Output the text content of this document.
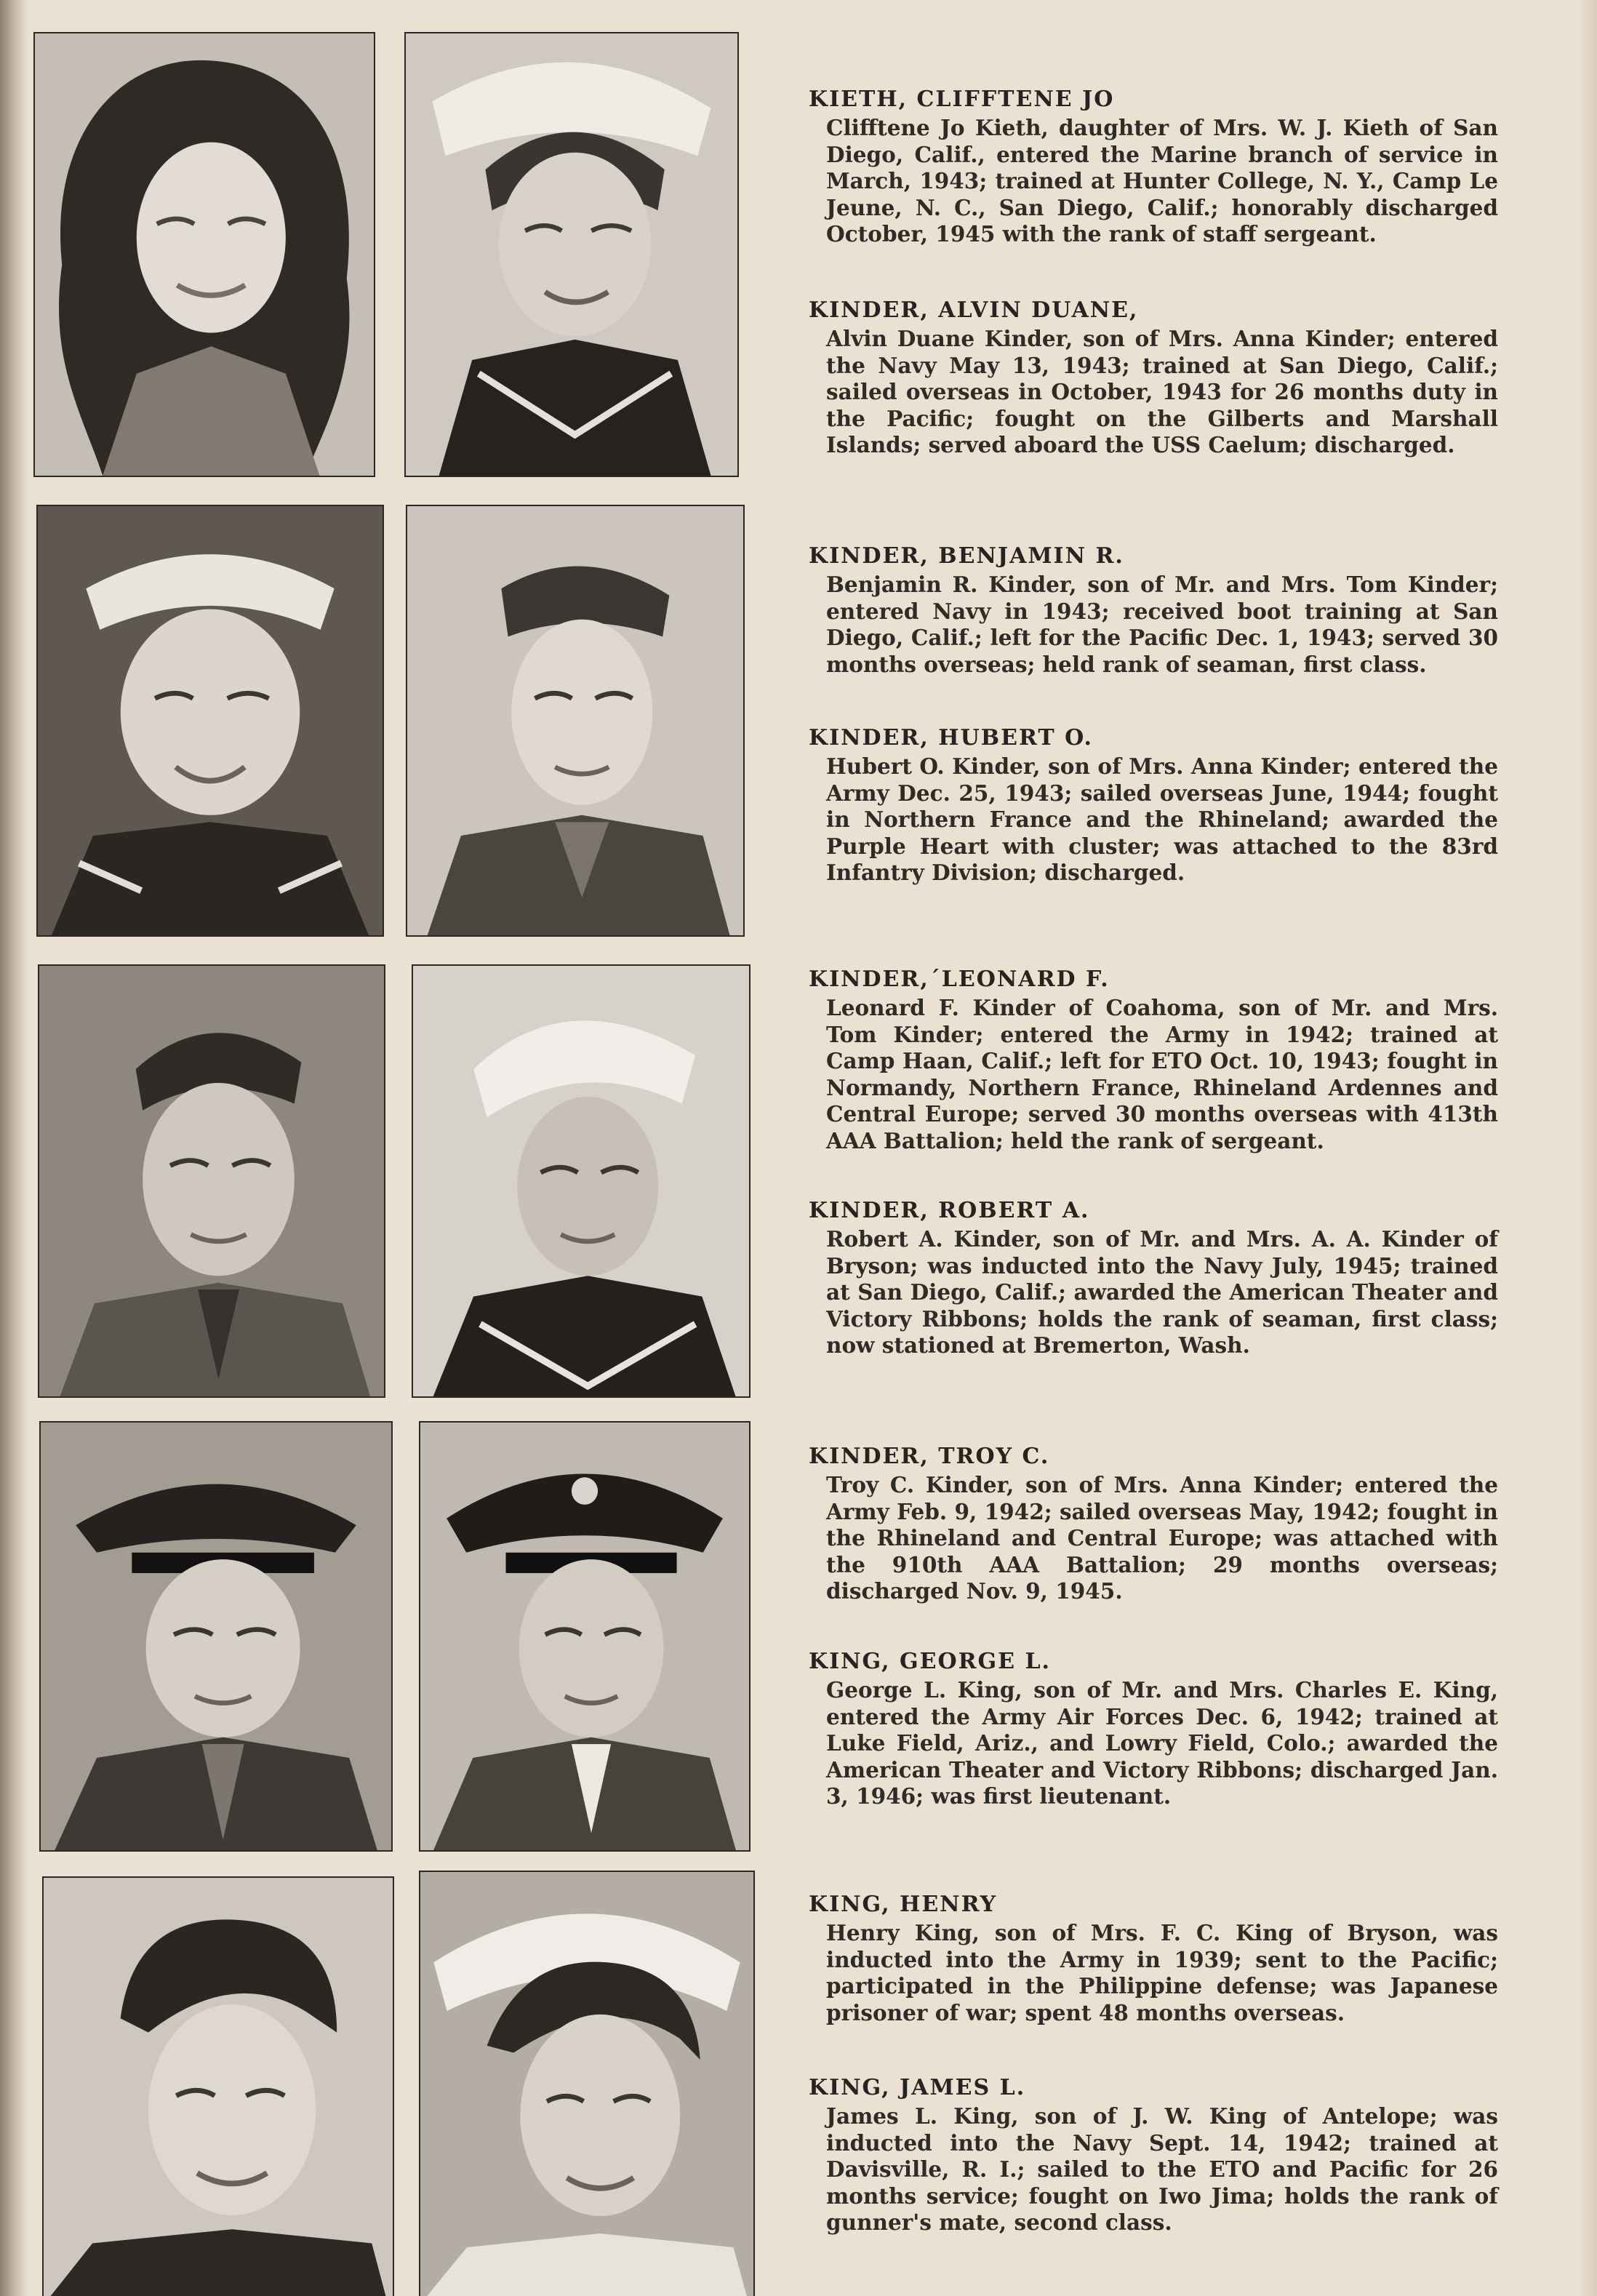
KIETH, CLIFFTENE JO

Clifftene Jo Kieth, daughter of Mrs. W. J. Kieth of San Diego, Calif., entered the Marine branch of service in March, 1943; trained at Hunter College, N. Y., Camp Le Jeune, N. C., San Diego, Calif.; honorably discharged October, 1945 with the rank of staff sergeant.

KINDER, ALVIN DUANE,

Alvin Duane Kinder, son of Mrs. Anna Kinder; entered the Navy May 13, 1943; trained at San Diego, Calif.; sailed overseas in October, 1943 for 26 months duty in the Pacific; fought on the Gilberts and Marshall Islands; served aboard the USS Caelum; discharged.

KINDER, BENJAMIN R.

Benjamin R. Kinder, son of Mr. and Mrs. Tom Kinder; entered Navy in 1943; received boot training at San Diego, Calif.; left for the Pacific Dec. 1, 1943; served 30 months overseas; held rank of seaman, first class.

KINDER, HUBERT O.

Hubert O. Kinder, son of Mrs. Anna Kinder; entered the Army Dec. 25, 1943; sailed overseas June, 1944; fought in Northern France and the Rhineland; awarded the Purple Heart with cluster; was attached to the 83rd Infantry Division; discharged.

KINDER,´LEONARD F.

Leonard F. Kinder of Coahoma, son of Mr. and Mrs. Tom Kinder; entered the Army in 1942; trained at Camp Haan, Calif.; left for ETO Oct. 10, 1943; fought in Normandy, Northern France, Rhineland Ardennes and Central Europe; served 30 months overseas with 413th AAA Battalion; held the rank of sergeant.

KINDER, ROBERT A.

Robert A. Kinder, son of Mr. and Mrs. A. A. Kinder of Bryson; was inducted into the Navy July, 1945; trained at San Diego, Calif.; awarded the American Theater and Victory Ribbons; holds the rank of seaman, first class; now stationed at Bremerton, Wash.

KINDER, TROY C.

Troy C. Kinder, son of Mrs. Anna Kinder; entered the Army Feb. 9, 1942; sailed overseas May, 1942; fought in the Rhineland and Central Europe; was attached with the 910th AAA Battalion; 29 months overseas; discharged Nov. 9, 1945.

KING, GEORGE L.

George L. King, son of Mr. and Mrs. Charles E. King, entered the Army Air Forces Dec. 6, 1942; trained at Luke Field, Ariz., and Lowry Field, Colo.; awarded the American Theater and Victory Ribbons; discharged Jan. 3, 1946; was first lieutenant.

KING, HENRY

Henry King, son of Mrs. F. C. King of Bryson, was inducted into the Army in 1939; sent to the Pacific; participated in the Philippine defense; was Japanese prisoner of war; spent 48 months overseas.

KING, JAMES L.

James L. King, son of J. W. King of Antelope; was inducted into the Navy Sept. 14, 1942; trained at Davisville, R. I.; sailed to the ETO and Pacific for 26 months service; fought on Iwo Jima; holds the rank of gunner's mate, second class.
